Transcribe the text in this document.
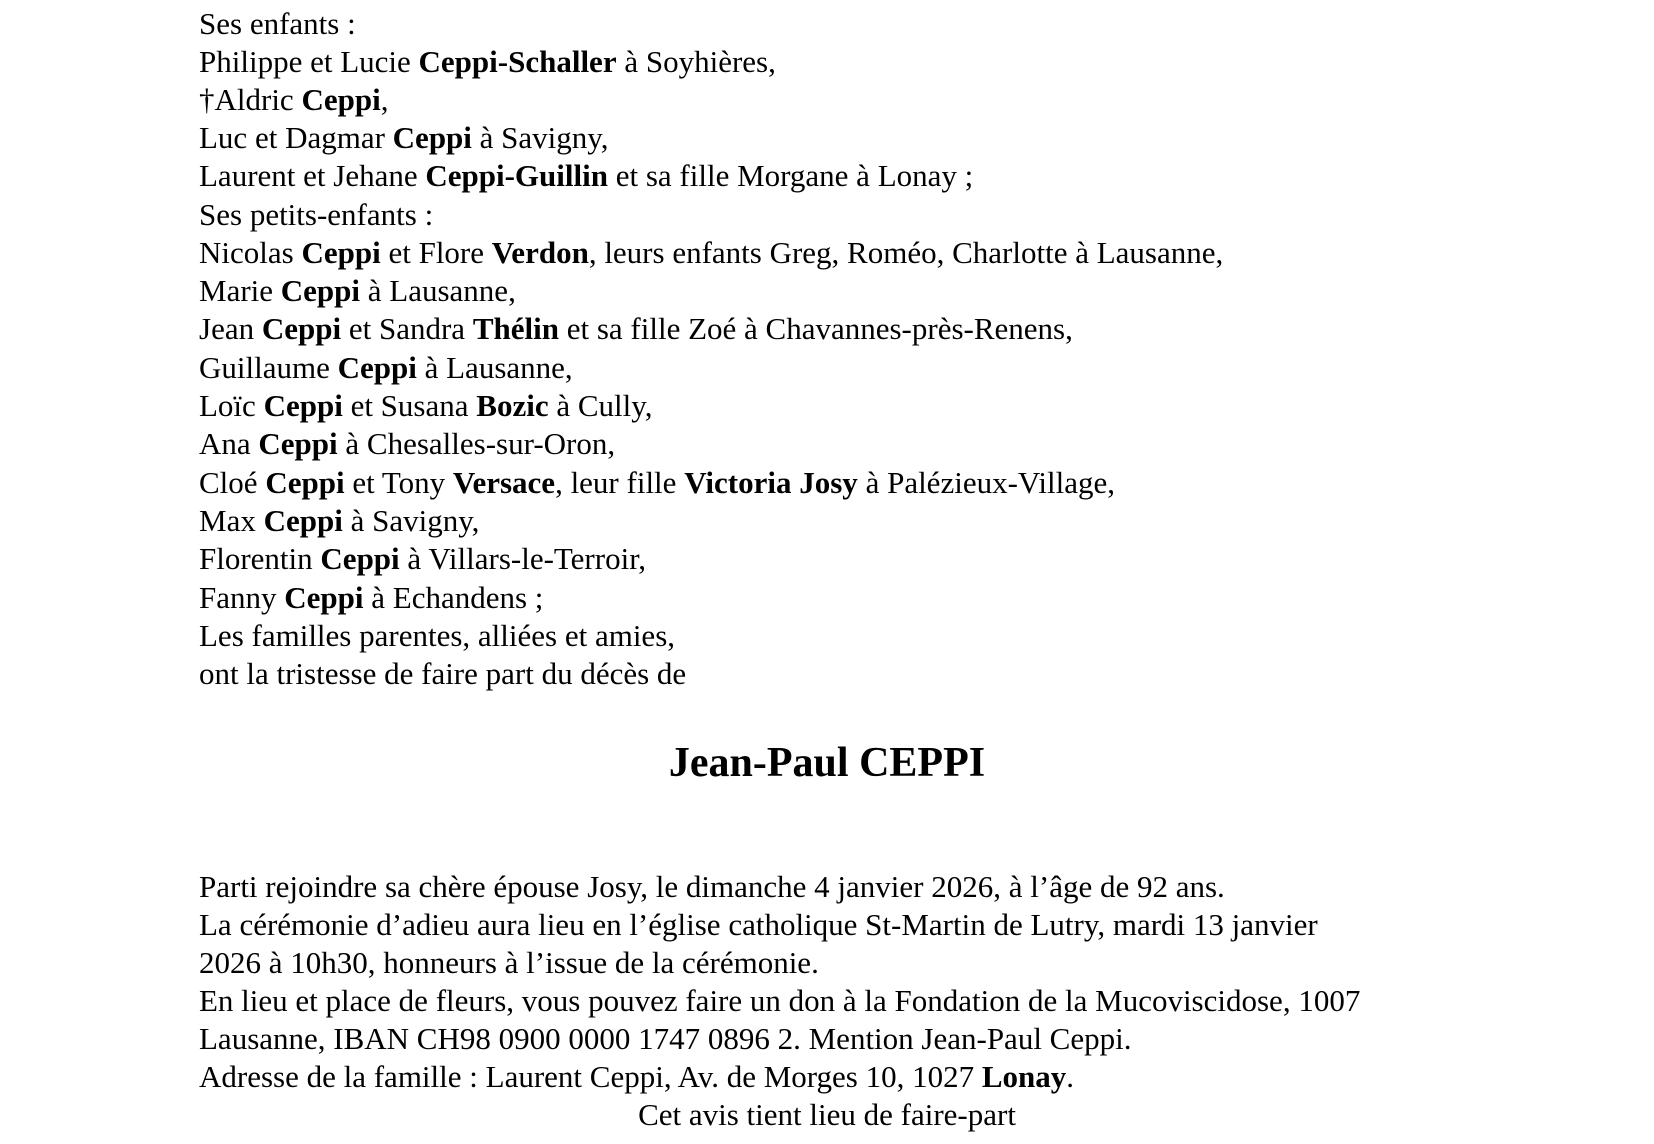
Ses enfants :
Philippe et Lucie Ceppi-Schaller à Soyhières,
†Aldric Ceppi,
Luc et Dagmar Ceppi à Savigny,
Laurent et Jehane Ceppi-Guillin et sa fille Morgane à Lonay ;
Ses petits-enfants :
Nicolas Ceppi et Flore Verdon, leurs enfants Greg, Roméo, Charlotte à Lausanne,
Marie Ceppi à Lausanne,
Jean Ceppi et Sandra Thélin et sa fille Zoé à Chavannes-près-Renens,
Guillaume Ceppi à Lausanne,
Loïc Ceppi et Susana Bozic à Cully,
Ana Ceppi à Chesalles-sur-Oron,
Cloé Ceppi et Tony Versace, leur fille Victoria Josy à Palézieux-Village,
Max Ceppi à Savigny,
Florentin Ceppi à Villars-le-Terroir,
Fanny Ceppi à Echandens ;
Les familles parentes, alliées et amies,
ont la tristesse de faire part du décès de
Jean-Paul CEPPI
Parti rejoindre sa chère épouse Josy, le dimanche 4 janvier 2026, à l’âge de 92 ans.
La cérémonie d’adieu aura lieu en l’église catholique St-Martin de Lutry, mardi 13 janvier
2026 à 10h30, honneurs à l’issue de la cérémonie.
En lieu et place de fleurs, vous pouvez faire un don à la Fondation de la Mucoviscidose, 1007
Lausanne, IBAN CH98 0900 0000 1747 0896 2. Mention Jean-Paul Ceppi.
Adresse de la famille : Laurent Ceppi, Av. de Morges 10, 1027 Lonay.
Cet avis tient lieu de faire-part
